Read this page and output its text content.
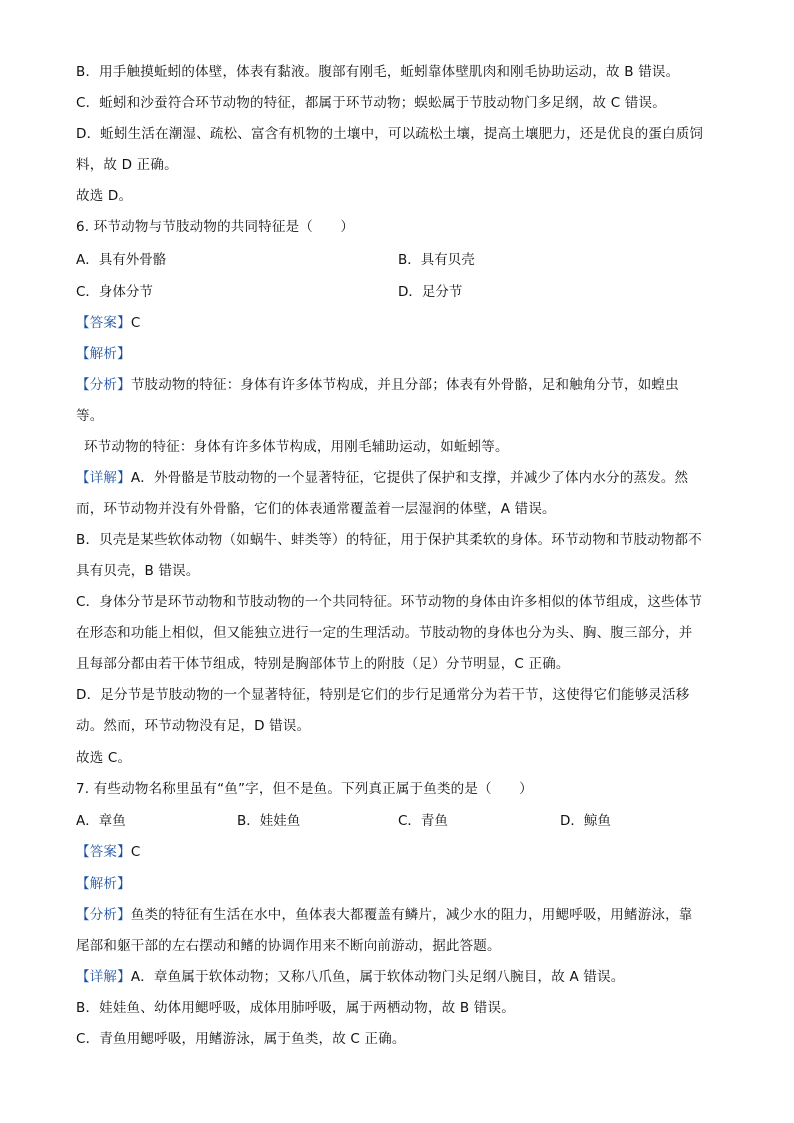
B．用手触摸蚯蚓的体壁，体表有黏液。腹部有刚毛，蚯蚓靠体壁肌肉和刚毛协助运动，故 B 错误。
C．蚯蚓和沙蚕符合环节动物的特征，都属于环节动物；蜈蚣属于节肢动物门多足纲，故 C 错误。
D．蚯蚓生活在潮湿、疏松、富含有机物的土壤中，可以疏松土壤，提高土壤肥力，还是优良的蛋白质饲
料，故 D 正确。
故选 D。
6. 环节动物与节肢动物的共同特征是（　　）
A．具有外骨骼	B．具有贝壳
C．身体分节	D．足分节
【答案】C
【解析】
【分析】节肢动物的特征：身体有许多体节构成，并且分部；体表有外骨骼，足和触角分节，如蝗虫
等。
环节动物的特征：身体有许多体节构成，用刚毛辅助运动，如蚯蚓等。
【详解】A．外骨骼是节肢动物的一个显著特征，它提供了保护和支撑，并减少了体内水分的蒸发。然
而，环节动物并没有外骨骼，它们的体表通常覆盖着一层湿润的体壁，A 错误。
B．贝壳是某些软体动物（如蜗牛、蚌类等）的特征，用于保护其柔软的身体。环节动物和节肢动物都不
具有贝壳，B 错误。
C．身体分节是环节动物和节肢动物的一个共同特征。环节动物的身体由许多相似的体节组成，这些体节
在形态和功能上相似，但又能独立进行一定的生理活动。节肢动物的身体也分为头、胸、腹三部分，并
且每部分都由若干体节组成，特别是胸部体节上的附肢（足）分节明显，C 正确。
D．足分节是节肢动物的一个显著特征，特别是它们的步行足通常分为若干节，这使得它们能够灵活移
动。然而，环节动物没有足，D 错误。
故选 C。
7. 有些动物名称里虽有“鱼”字，但不是鱼。下列真正属于鱼类的是（　　）
A．章鱼	B．娃娃鱼	C．青鱼	D．鲸鱼
【答案】C
【解析】
【分析】鱼类的特征有生活在水中，鱼体表大都覆盖有鳞片，减少水的阻力，用鳃呼吸，用鳍游泳，靠
尾部和躯干部的左右摆动和鳍的协调作用来不断向前游动，据此答题。
【详解】A．章鱼属于软体动物；又称八爪鱼，属于软体动物门头足纲八腕目，故 A 错误。
B．娃娃鱼、幼体用鳃呼吸，成体用肺呼吸，属于两栖动物，故 B 错误。
C．青鱼用鳃呼吸，用鳍游泳，属于鱼类，故 C 正确。
